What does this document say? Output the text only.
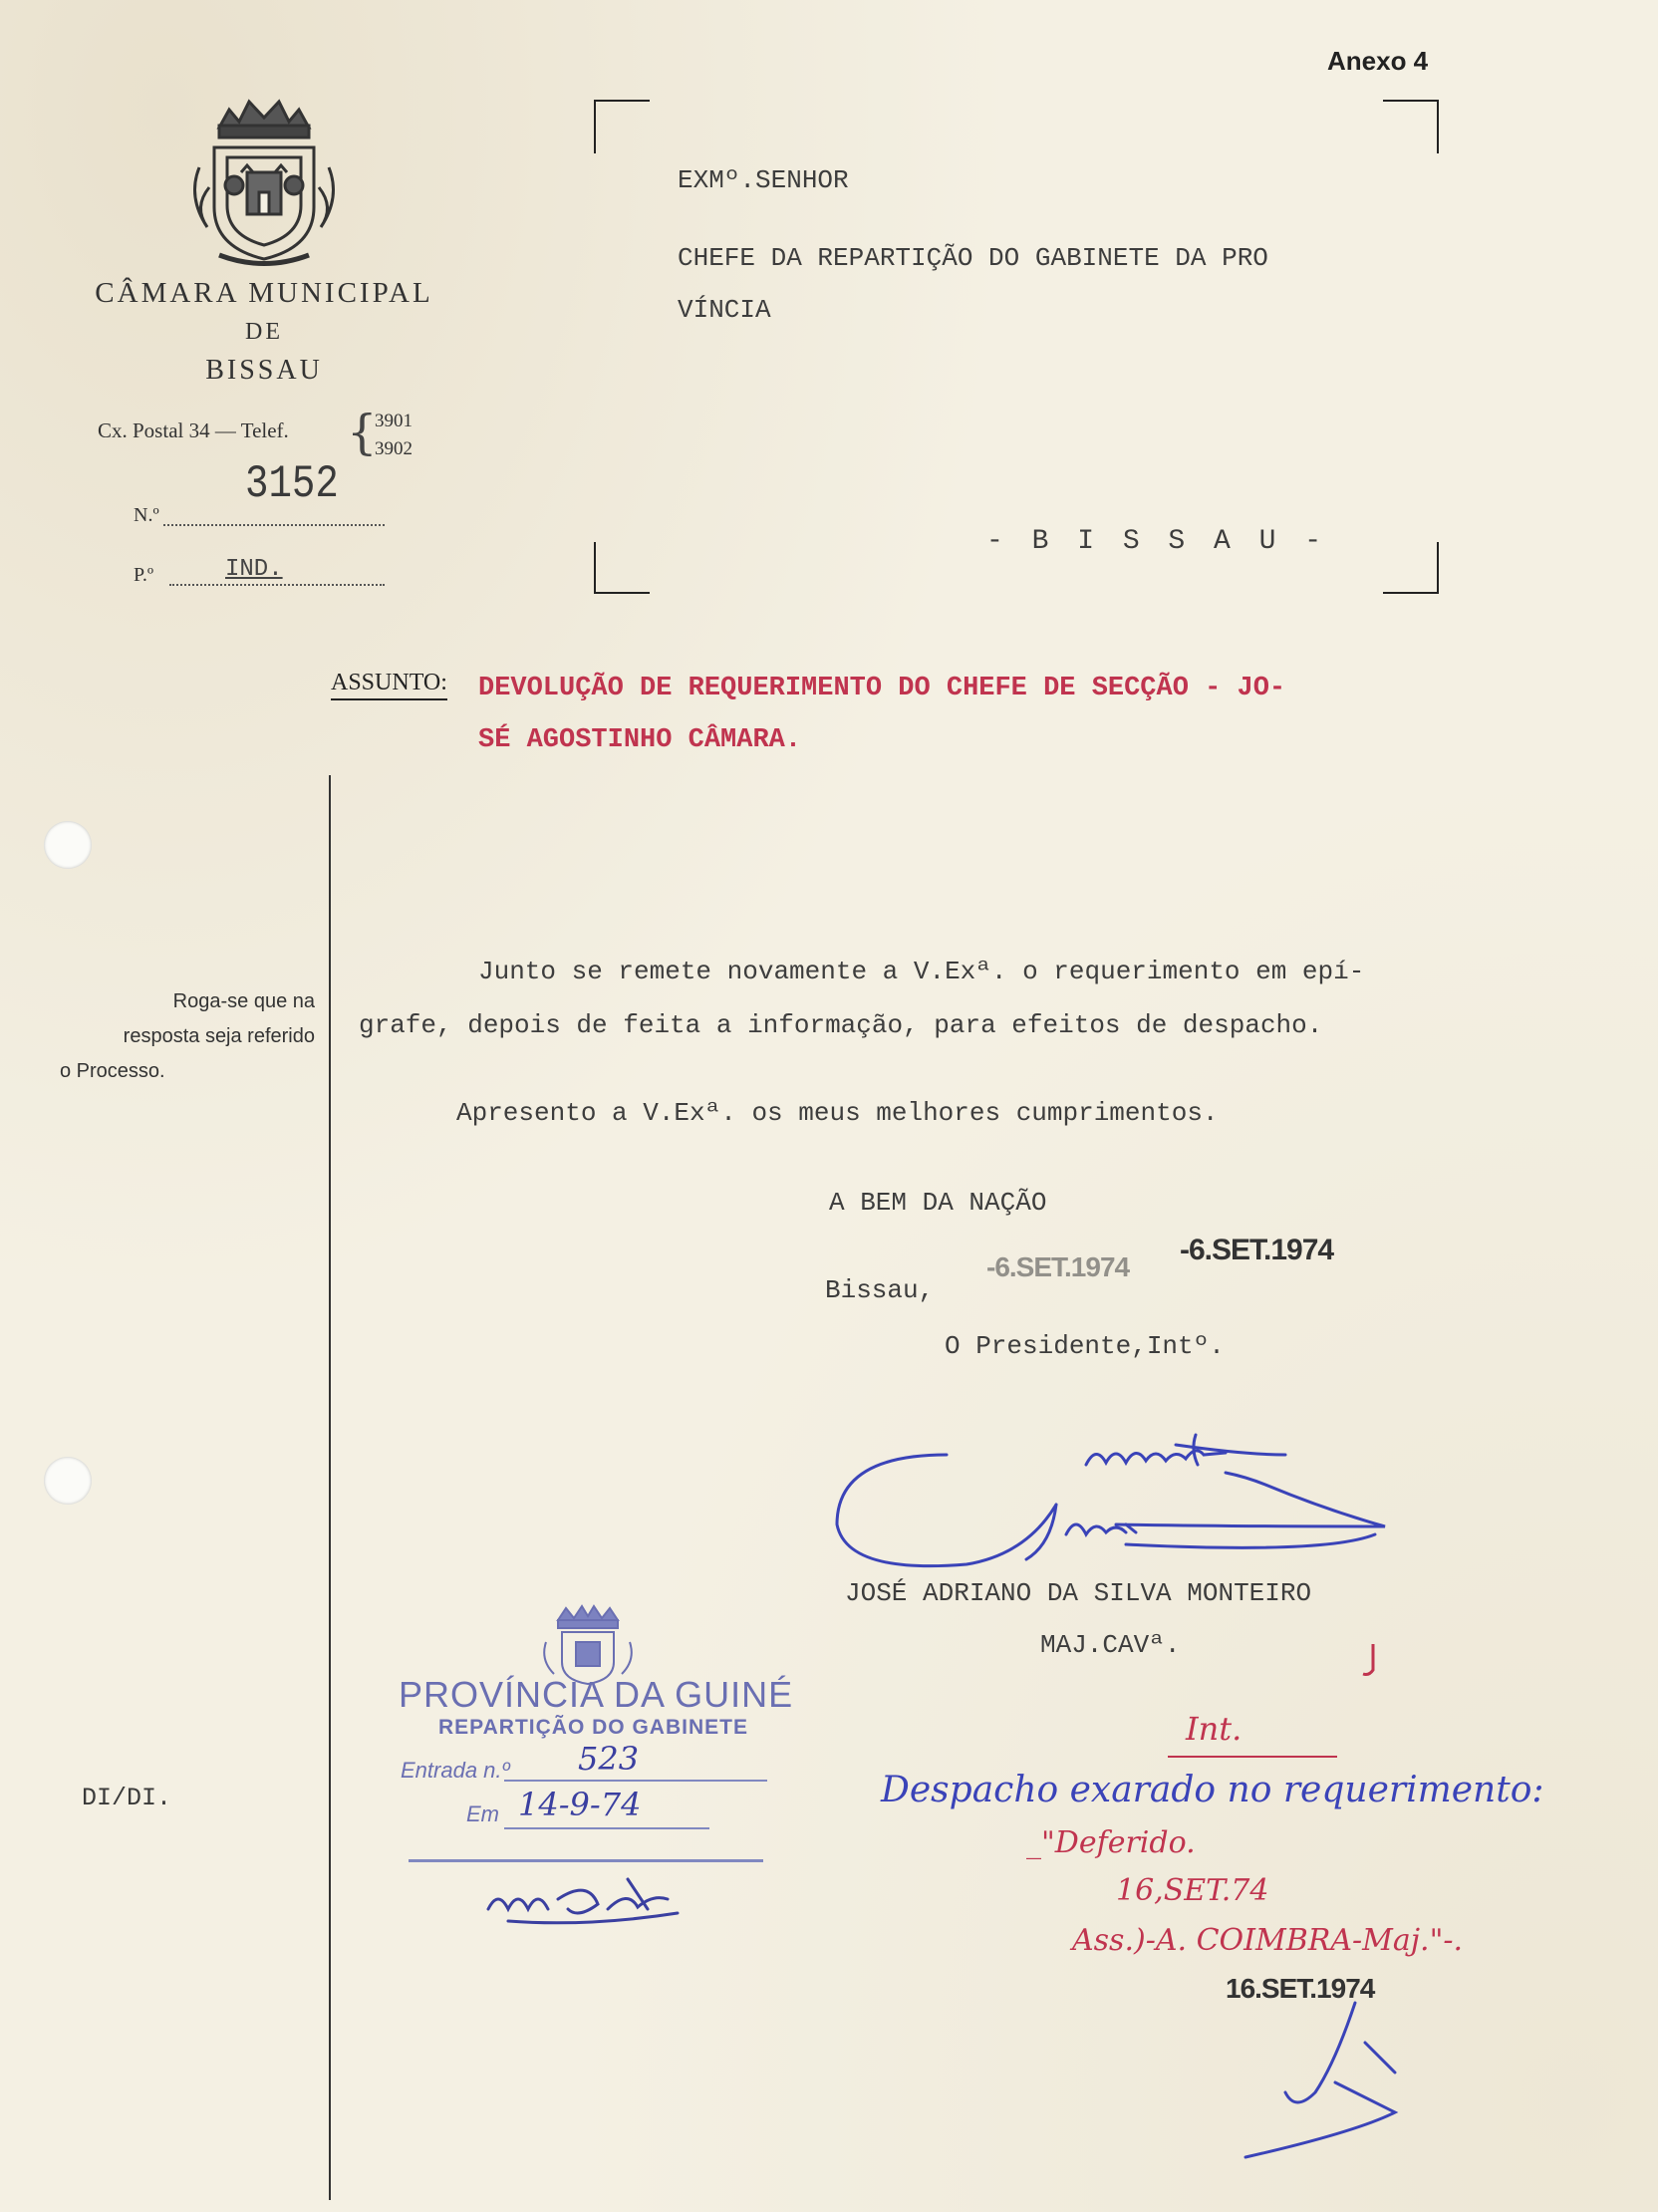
Anexo 4
CÂMARA MUNICIPAL
DE
BISSAU
Cx. Postal 34 — Telef. {
3901
3902
N.º
3152
P.º	IND.
EXMº.SENHOR
CHEFE DA REPARTIÇÃO DO GABINETE DA PRO
VÍNCIA
- B I S S A U -
ASSUNTO: DEVOLUÇÃO DE REQUERIMENTO DO CHEFE DE SECÇÃO - JO-
SÉ AGOSTINHO CÂMARA.
Roga-se que na
resposta seja referido

o Processo.
DI/DI.
Junto se remete novamente a V.Exª. o requerimento em epí-
grafe, depois de feita a informação, para efeitos de despacho.
Apresento a V.Exª. os meus melhores cumprimentos.
A BEM DA NAÇÃO
Bissau,
-6.SET.1974
-6.SET.1974
O Presidente,Intº.
JOSÉ ADRIANO DA SILVA MONTEIRO
MAJ.CAVª.
PROVÍNCIA DA GUINÉ
REPARTIÇÃO DO GABINETE
Entrada n.º 523
Em 14-9-74
Int.
Despacho exarado no requerimento:
_"Deferido.
16,SET.74
Ass.)-A. COIMBRA-Maj."-.
16.SET.1974
